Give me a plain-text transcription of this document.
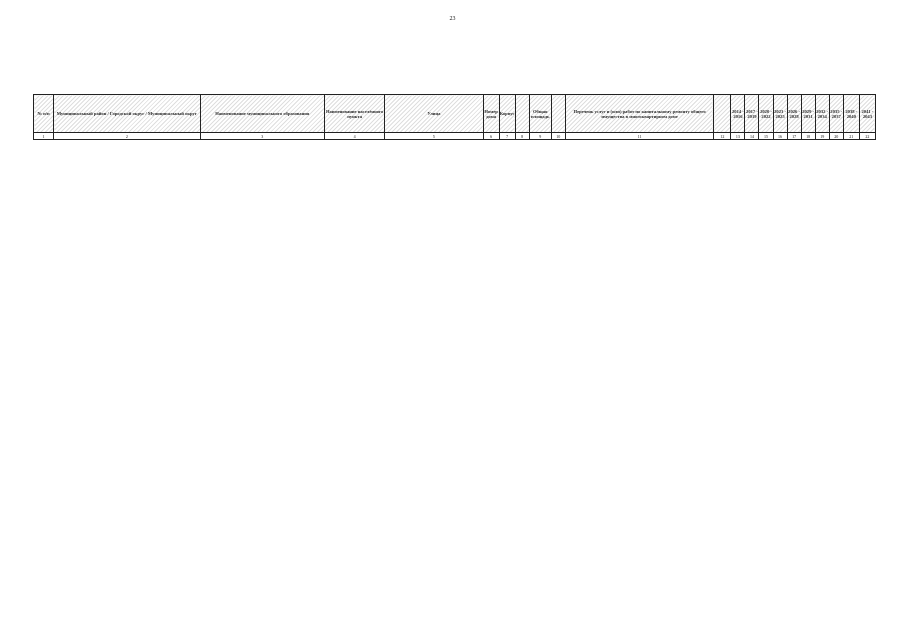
23
№ п/п	Муниципальный район / Городской округ / Муниципальный округ	Наименование муниципального образования	Наименование населённого пункта	Улица	Номер дома	Корпус		Общая площадь		Перечень услуг и (или) работ по капитальному ремонту общего имущества в многоквартирном доме		2014 - 2016	2017 - 2019	2020 - 2022	2023 - 2025	2026 - 2028	2029 - 2031	2032 - 2034	2035 - 2037	2038 - 2040	2041 - 2043
1	2	3	4	5	6	7	8	9	10	11	12	13	14	15	16	17	18	19	20	21	22
